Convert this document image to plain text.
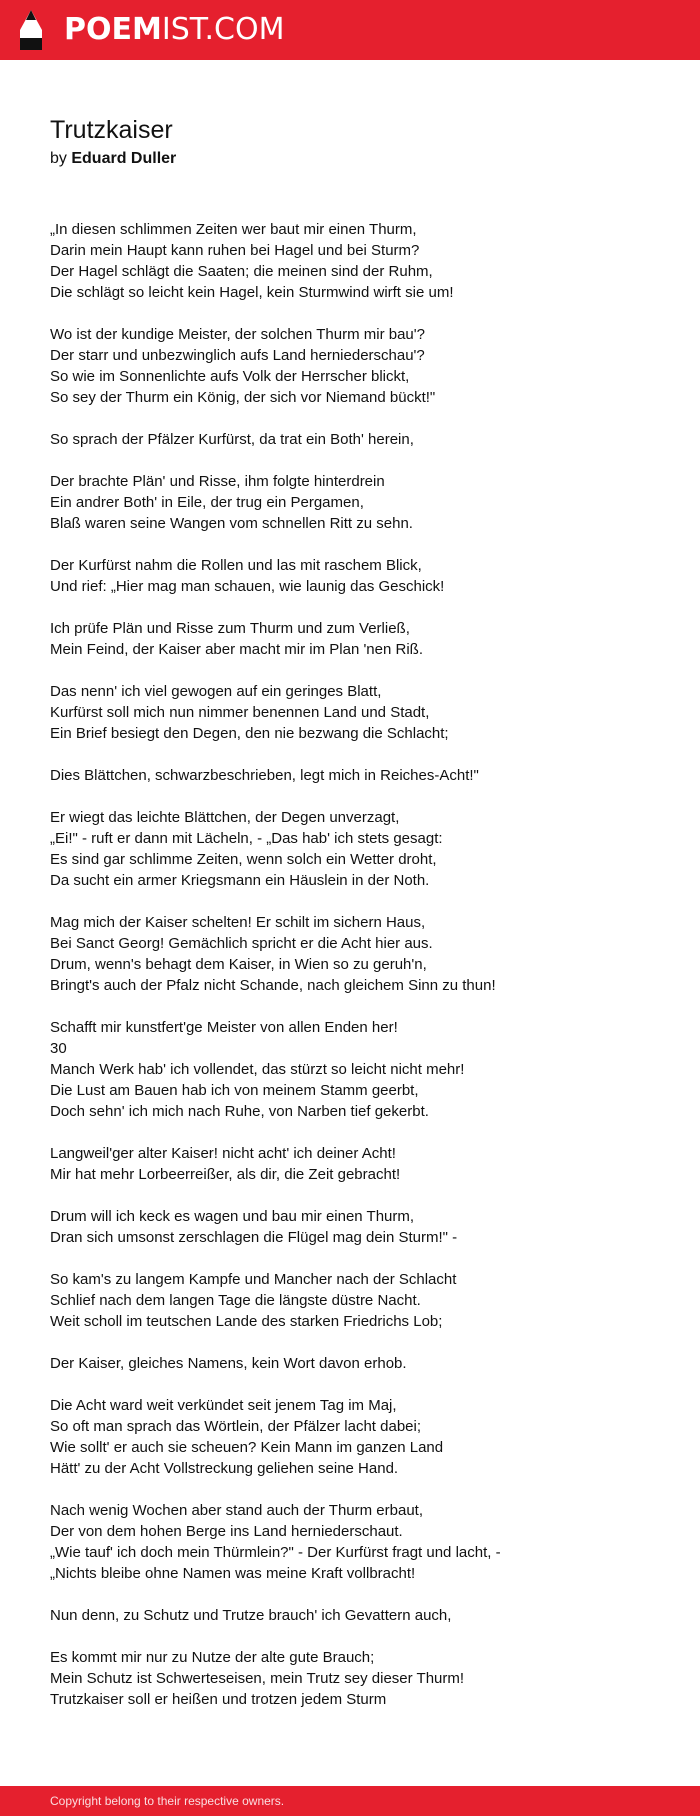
POEMIST.COM
Trutzkaiser
by Eduard Duller
„In diesen schlimmen Zeiten wer baut mir einen Thurm,
Darin mein Haupt kann ruhen bei Hagel und bei Sturm?
Der Hagel schlägt die Saaten; die meinen sind der Ruhm,
Die schlägt so leicht kein Hagel, kein Sturmwind wirft sie um!
Wo ist der kundige Meister, der solchen Thurm mir bau'?
Der starr und unbezwinglich aufs Land herniederschau'?
So wie im Sonnenlichte aufs Volk der Herrscher blickt,
So sey der Thurm ein König, der sich vor Niemand bückt!"
So sprach der Pfälzer Kurfürst, da trat ein Both' herein,
Der brachte Plän' und Risse, ihm folgte hinterdrein
Ein andrer Both' in Eile, der trug ein Pergamen,
Blaß waren seine Wangen vom schnellen Ritt zu sehn.
Der Kurfürst nahm die Rollen und las mit raschem Blick,
Und rief: „Hier mag man schauen, wie launig das Geschick!
Ich prüfe Plän und Risse zum Thurm und zum Verließ,
Mein Feind, der Kaiser aber macht mir im Plan 'nen Riß.
Das nenn' ich viel gewogen auf ein geringes Blatt,
Kurfürst soll mich nun nimmer benennen Land und Stadt,
Ein Brief besiegt den Degen, den nie bezwang die Schlacht;
Dies Blättchen, schwarzbeschrieben, legt mich in Reiches-Acht!"
Er wiegt das leichte Blättchen, der Degen unverzagt,
„Ei!" - ruft er dann mit Lächeln, - „Das hab' ich stets gesagt:
Es sind gar schlimme Zeiten, wenn solch ein Wetter droht,
Da sucht ein armer Kriegsmann ein Häuslein in der Noth.
Mag mich der Kaiser schelten! Er schilt im sichern Haus,
Bei Sanct Georg! Gemächlich spricht er die Acht hier aus.
Drum, wenn's behagt dem Kaiser, in Wien so zu geruh'n,
Bringt's auch der Pfalz nicht Schande, nach gleichem Sinn zu thun!
Schafft mir kunstfert'ge Meister von allen Enden her!
30
Manch Werk hab' ich vollendet, das stürzt so leicht nicht mehr!
Die Lust am Bauen hab ich von meinem Stamm geerbt,
Doch sehn' ich mich nach Ruhe, von Narben tief gekerbt.
Langweil'ger alter Kaiser! nicht acht' ich deiner Acht!
Mir hat mehr Lorbeerreißer, als dir, die Zeit gebracht!
Drum will ich keck es wagen und bau mir einen Thurm,
Dran sich umsonst zerschlagen die Flügel mag dein Sturm!" -
So kam's zu langem Kampfe und Mancher nach der Schlacht
Schlief nach dem langen Tage die längste düstre Nacht.
Weit scholl im teutschen Lande des starken Friedrichs Lob;
Der Kaiser, gleiches Namens, kein Wort davon erhob.
Die Acht ward weit verkündet seit jenem Tag im Maj,
So oft man sprach das Wörtlein, der Pfälzer lacht dabei;
Wie sollt' er auch sie scheuen? Kein Mann im ganzen Land
Hätt' zu der Acht Vollstreckung geliehen seine Hand.
Nach wenig Wochen aber stand auch der Thurm erbaut,
Der von dem hohen Berge ins Land herniederschaut.
„Wie tauf' ich doch mein Thürmlein?" - Der Kurfürst fragt und lacht, -
„Nichts bleibe ohne Namen was meine Kraft vollbracht!
Nun denn, zu Schutz und Trutze brauch' ich Gevattern auch,
Es kommt mir nur zu Nutze der alte gute Brauch;
Mein Schutz ist Schwerteseisen, mein Trutz sey dieser Thurm!
Trutzkaiser soll er heißen und trotzen jedem Sturm
Copyright belong to their respective owners.
